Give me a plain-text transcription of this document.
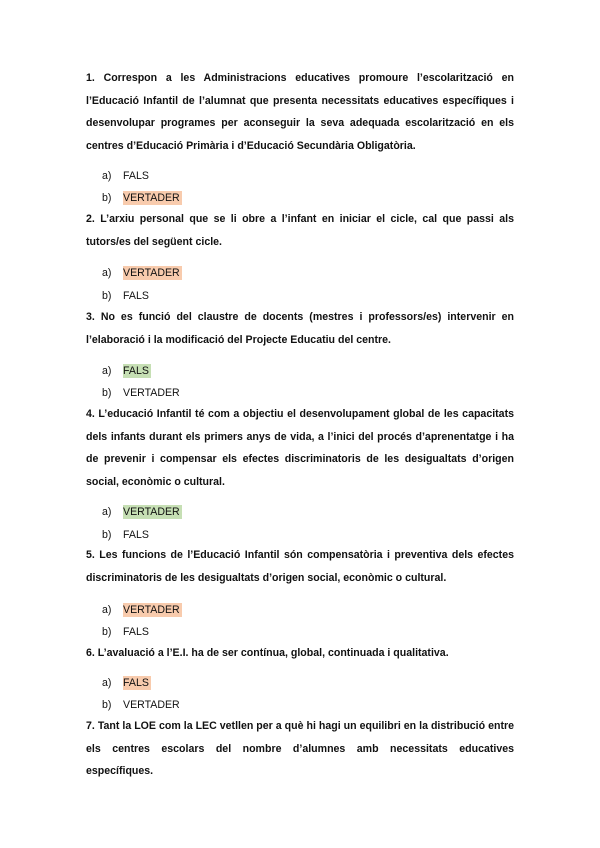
1. Correspon a les Administracions educatives promoure l’escolarització en l’Educació Infantil de l’alumnat que presenta necessitats educatives específiques i desenvolupar programes per aconseguir la seva adequada escolarització en els centres d’Educació Primària i d’Educació Secundària Obligatòria.

a) FALS
b) VERTADER

2. L’arxiu personal que se li obre a l’infant en iniciar el cicle, cal que passi als tutors/es del següent cicle.

a) VERTADER
b) FALS

3. No es funció del claustre de docents (mestres i professors/es) intervenir en l’elaboració i la modificació del Projecte Educatiu del centre.

a) FALS
b) VERTADER

4. L’educació Infantil té com a objectiu el desenvolupament global de les capacitats dels infants durant els primers anys de vida, a l’inici del procés d’aprenentatge i ha de prevenir i compensar els efectes discriminatoris de les desigualtats d’origen social, econòmic o cultural.

a) VERTADER
b) FALS

5. Les funcions de l’Educació Infantil són compensatòria i preventiva dels efectes discriminatoris de les desigualtats d’origen social, econòmic o cultural.

a) VERTADER
b) FALS

6. L’avaluació a l’E.I. ha de ser contínua, global, continuada i qualitativa.

a) FALS
b) VERTADER

7. Tant la LOE com la LEC vetllen per a què hi hagi un equilibri en la distribució entre els centres escolars del nombre d’alumnes amb necessitats educatives específiques.
